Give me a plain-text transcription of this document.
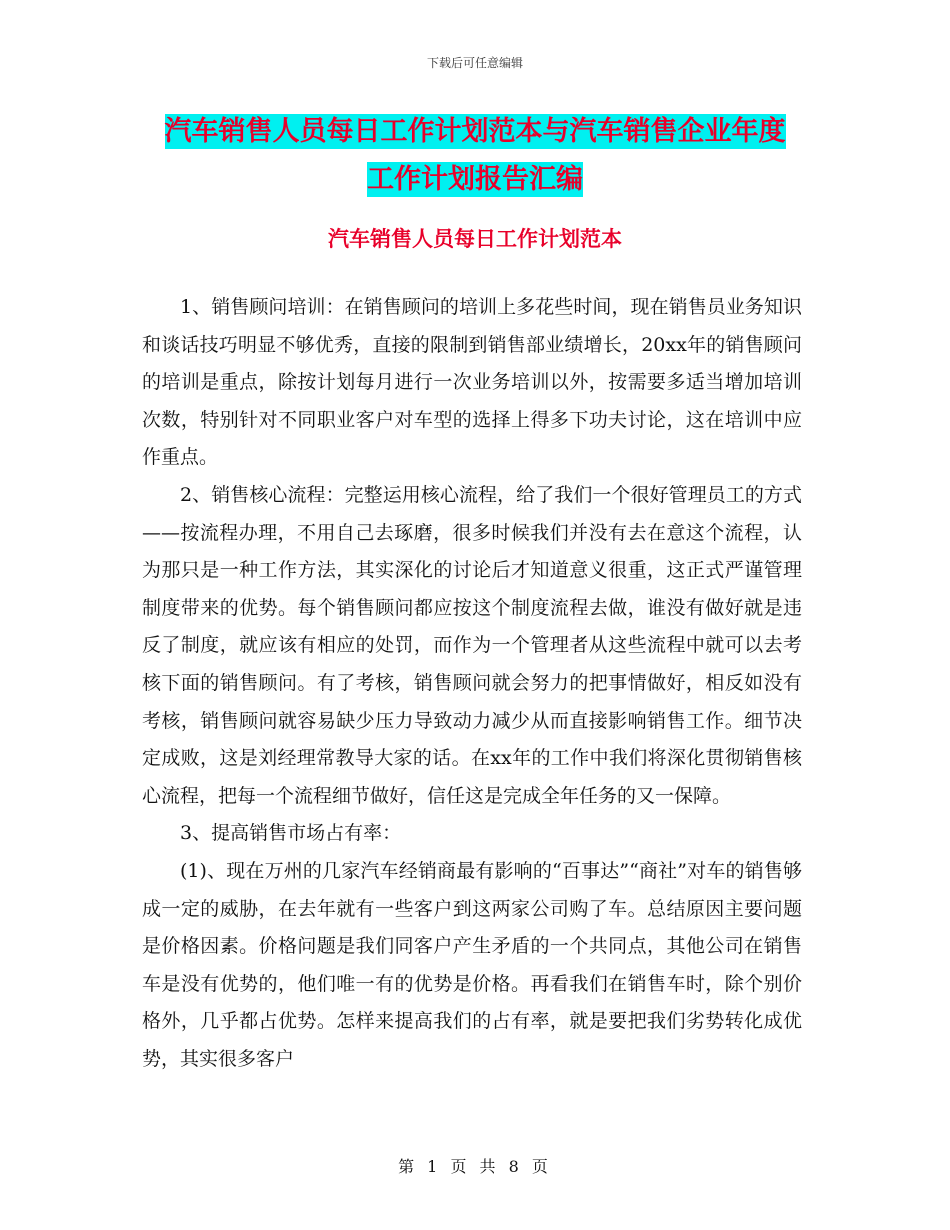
下载后可任意编辑
汽车销售人员每日工作计划范本与汽车销售企业年度
工作计划报告汇编
汽车销售人员每日工作计划范本

1、销售顾问培训：在销售顾问的培训上多花些时间，现在销售员业务知识和谈话技巧明显不够优秀，直接的限制到销售部业绩增长，20xx年的销售顾问的培训是重点，除按计划每月进行一次业务培训以外，按需要多适当增加培训次数，特别针对不同职业客户对车型的选择上得多下功夫讨论，这在培训中应作重点。

2、销售核心流程：完整运用核心流程，给了我们一个很好管理员工的方式——按流程办理，不用自己去琢磨，很多时候我们并没有去在意这个流程，认为那只是一种工作方法，其实深化的讨论后才知道意义很重，这正式严谨管理制度带来的优势。每个销售顾问都应按这个制度流程去做，谁没有做好就是违反了制度，就应该有相应的处罚，而作为一个管理者从这些流程中就可以去考核下面的销售顾问。有了考核，销售顾问就会努力的把事情做好，相反如没有考核，销售顾问就容易缺少压力导致动力减少从而直接影响销售工作。细节决定成败，这是刘经理常教导大家的话。在xx年的工作中我们将深化贯彻销售核心流程，把每一个流程细节做好，信任这是完成全年任务的又一保障。

3、提高销售市场占有率：

(1)、现在万州的几家汽车经销商最有影响的“百事达”“商社”对车的销售够成一定的威胁，在去年就有一些客户到这两家公司购了车。总结原因主要问题是价格因素。价格问题是我们同客户产生矛盾的一个共同点，其他公司在销售车是没有优势的，他们唯一有的优势是价格。再看我们在销售车时，除个别价格外，几乎都占优势。怎样来提高我们的占有率，就是要把我们劣势转化成优势，其实很多客户

第 1 页 共 8 页
